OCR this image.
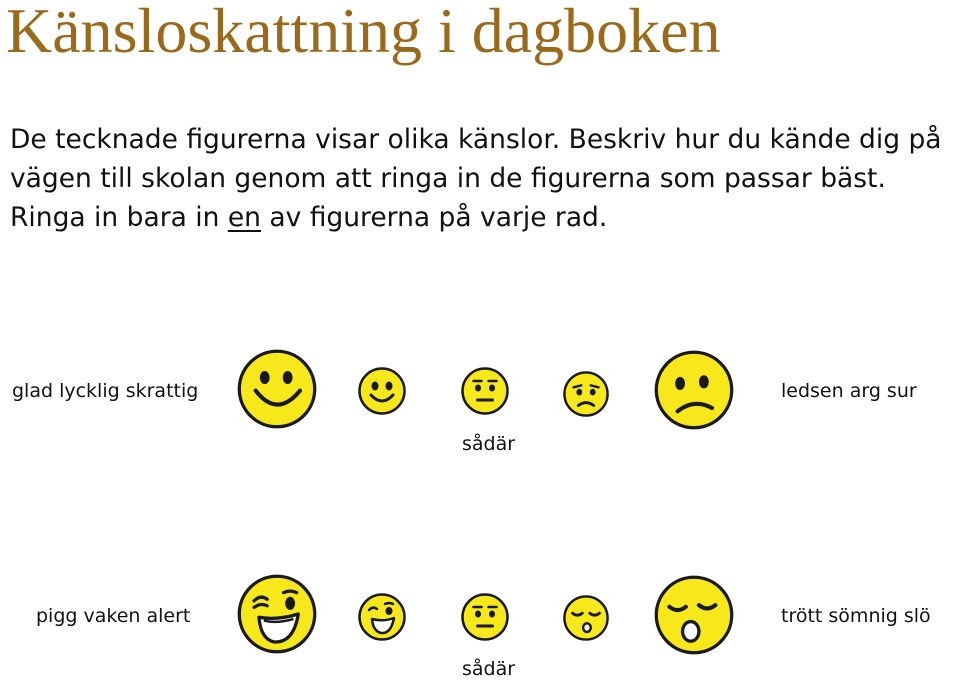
Känsloskattning i dagboken

De tecknade figurerna visar olika känslor. Beskriv hur du kände dig på

vägen till skolan genom att ringa in de figurerna som passar bäst.

Ringa in bara in en av figurerna på varje rad.

glad lycklig skrattig	ledsen arg sur
sådär
pigg vaken alert	trött sömnig slö
sådär
